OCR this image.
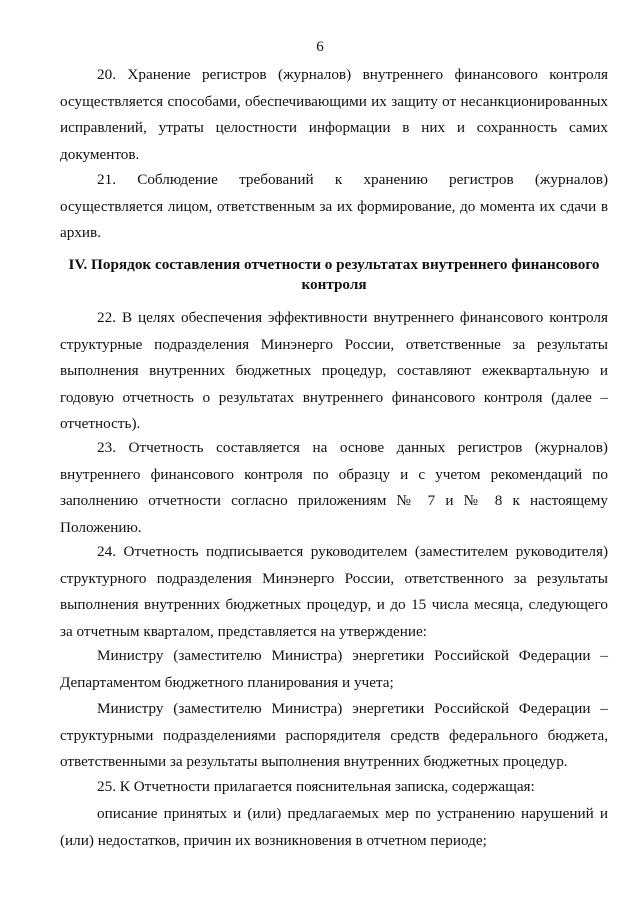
6

20. Хранение регистров (журналов) внутреннего финансового контроля осуществляется способами, обеспечивающими их защиту от несанкционированных исправлений, утраты целостности информации в них и сохранность самих документов.

21. Соблюдение требований к хранению регистров (журналов) осуществляется лицом, ответственным за их формирование, до момента их сдачи в архив.

IV. Порядок составления отчетности о результатах внутреннего финансового контроля

22. В целях обеспечения эффективности внутреннего финансового контроля структурные подразделения Минэнерго России, ответственные за результаты выполнения внутренних бюджетных процедур, составляют ежеквартальную и годовую отчетность о результатах внутреннего финансового контроля (далее – отчетность).

23. Отчетность составляется на основе данных регистров (журналов) внутреннего финансового контроля по образцу и с учетом рекомендаций по заполнению отчетности согласно приложениям № 7 и № 8 к настоящему Положению.

24. Отчетность подписывается руководителем (заместителем руководителя) структурного подразделения Минэнерго России, ответственного за результаты выполнения внутренних бюджетных процедур, и до 15 числа месяца, следующего за отчетным кварталом, представляется на утверждение:

Министру (заместителю Министра) энергетики Российской Федерации – Департаментом бюджетного планирования и учета;

Министру (заместителю Министра) энергетики Российской Федерации – структурными подразделениями распорядителя средств федерального бюджета, ответственными за результаты выполнения внутренних бюджетных процедур.

25. К Отчетности прилагается пояснительная записка, содержащая:

описание принятых и (или) предлагаемых мер по устранению нарушений и (или) недостатков, причин их возникновения в отчетном периоде;
